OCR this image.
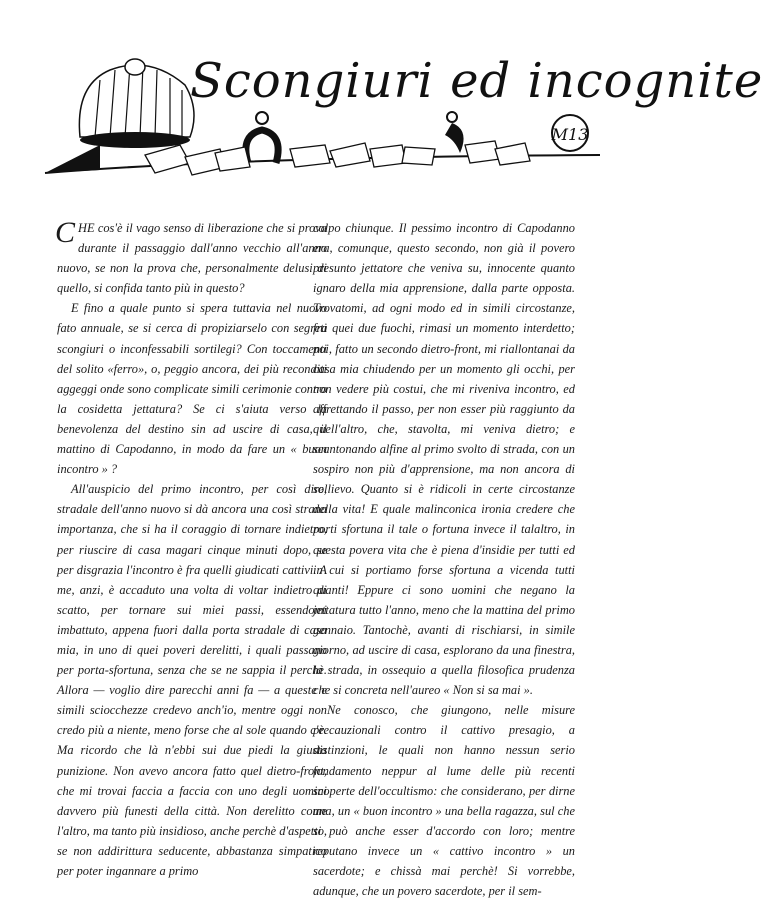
M13
Scongiuri ed incognite

CHE cos'è il vago senso di liberazione che si prova durante il passaggio dall'anno vecchio all'anno nuovo, se non la prova che, personalmente delusi di quello, si confida tanto più in questo?

E fino a quale punto si spera tuttavia nel nuovo fato annuale, se si cerca di propiziarselo con segreti scongiuri o inconfessabili sortilegi? Con toccamenti del solito «ferro», o, peggio ancora, dei più reconditi aggeggi onde sono complicate simili cerimonie contro la cosidetta jettatura? Se ci s'aiuta verso la benevolenza del destino sin ad uscire di casa, il mattino di Capodanno, in modo da fare un « buon incontro » ?

All'auspicio del primo incontro, per così dire, stradale dell'anno nuovo si dà ancora una così strana importanza, che si ha il coraggio di tornare indietro, per riuscire di casa magari cinque minuti dopo, se per disgrazia l'incontro è fra quelli giudicati cattivi. A me, anzi, è accaduto una volta di voltar indietro di scatto, per tornare sui miei passi, essendomi imbattuto, appena fuori dalla porta stradale di casa mia, in uno di quei poveri derelitti, i quali passano per porta-sfortuna, senza che se ne sappia il perchè. Allora — voglio dire parecchi anni fa — a queste e simili sciocchezze credevo anch'io, mentre oggi non credo più a niente, meno forse che al sole quando c'è. Ma ricordo che là n'ebbi sui due piedi la giusta punizione. Non avevo ancora fatto quel dietro-front, che mi trovai faccia a faccia con uno degli uomini davvero più funesti della città. Non derelitto come l'altro, ma tanto più insidioso, anche perchè d'aspetto, se non addirittura seducente, abbastanza simpatico per poter ingannare a primo

colpo chiunque. Il pessimo incontro di Capodanno era, comunque, questo secondo, non già il povero presunto jettatore che veniva su, innocente quanto ignaro della mia apprensione, dalla parte opposta. Trovatomi, ad ogni modo ed in simili circostanze, fra quei due fuochi, rimasi un momento interdetto; poi, fatto un secondo dietro-front, mi riallontanai da casa mia chiudendo per un momento gli occhi, per non vedere più costui, che mi riveniva incontro, ed affrettando il passo, per non esser più raggiunto da quell'altro, che, stavolta, mi veniva dietro; e scantonando alfine al primo svolto di strada, con un sospiro non più d'apprensione, ma non ancora di sollievo. Quanto si è ridicoli in certe circostanze della vita! E quale malinconica ironia credere che porti sfortuna il tale o fortuna invece il talaltro, in questa povera vita che è piena d'insidie per tutti ed in cui si portiamo forse sfortuna a vicenda tutti quanti! Eppure ci sono uomini che negano la jettatura tutto l'anno, meno che la mattina del primo gennaio. Tantochè, avanti di rischiarsi, in simile giorno, ad uscire di casa, esplorano da una finestra, la strada, in ossequio a quella filosofica prudenza che si concreta nell'aureo « Non si sa mai ».

Ne conosco, che giungono, nelle misure precauzionali contro il cattivo presagio, a distinzioni, le quali non hanno nessun serio fondamento neppur al lume delle più recenti scoperte dell'occultismo: che considerano, per dirne una, un « buon incontro » una bella ragazza, sul che si può anche esser d'accordo con loro; mentre reputano invece un « cattivo incontro » un sacerdote; e chissà mai perchè! Si vorrebbe, adunque, che un povero sacerdote, per il sem-
